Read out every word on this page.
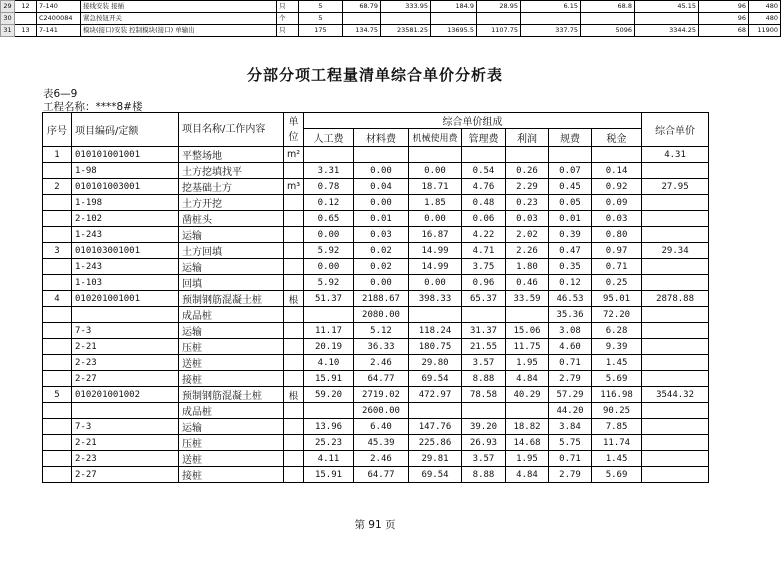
29	12	7-140	接线安装 接插	只	5	68.79	333.95	184.9	28.95	6.15	68.8	45.15	96	480
30		C2400084	紧急按钮开关	个	5								96	480
31	13	7-141	模块(接口)安装 控制模块(接口) 单输出	只	175	134.75	23581.25	13695.5	1107.75	337.75	5096	3344.25	68	11900
分部分项工程量清单综合单价分析表
表6—9
工程名称：****8#楼
序号	项目编码/定额	项目名称/工作内容	单位	综合单价组成							综合单价
				人工费	材料费	机械使用费	管理费	利润	规费	税金	
1	010101001001	平整场地	m²								4.31
	1-98	土方挖填找平		3.31	0.00	0.00	0.54	0.26	0.07	0.14	
2	010101003001	挖基础土方	m³	0.78	0.04	18.71	4.76	2.29	0.45	0.92	27.95
	1-198	土方开挖		0.12	0.00	1.85	0.48	0.23	0.05	0.09	
	2-102	凿桩头		0.65	0.01	0.00	0.06	0.03	0.01	0.03	
	1-243	运输		0.00	0.03	16.87	4.22	2.02	0.39	0.80	
3	010103001001	土方回填		5.92	0.02	14.99	4.71	2.26	0.47	0.97	29.34
	1-243	运输		0.00	0.02	14.99	3.75	1.80	0.35	0.71	
	1-103	回填		5.92	0.00	0.00	0.96	0.46	0.12	0.25	
4	010201001001	预制钢筋混凝土桩	根	51.37	2188.67	398.33	65.37	33.59	46.53	95.01	2878.88
		成品桩			2080.00				35.36	72.20	
	7-3	运输		11.17	5.12	118.24	31.37	15.06	3.08	6.28	
	2-21	压桩		20.19	36.33	180.75	21.55	11.75	4.60	9.39	
	2-23	送桩		4.10	2.46	29.80	3.57	1.95	0.71	1.45	
	2-27	接桩		15.91	64.77	69.54	8.88	4.84	2.79	5.69	
5	010201001002	预制钢筋混凝土桩	根	59.20	2719.02	472.97	78.58	40.29	57.29	116.98	3544.32
		成品桩			2600.00				44.20	90.25	
	7-3	运输		13.96	6.40	147.76	39.20	18.82	3.84	7.85	
	2-21	压桩		25.23	45.39	225.86	26.93	14.68	5.75	11.74	
	2-23	送桩		4.11	2.46	29.81	3.57	1.95	0.71	1.45	
	2-27	接桩		15.91	64.77	69.54	8.88	4.84	2.79	5.69	
第 91 页
